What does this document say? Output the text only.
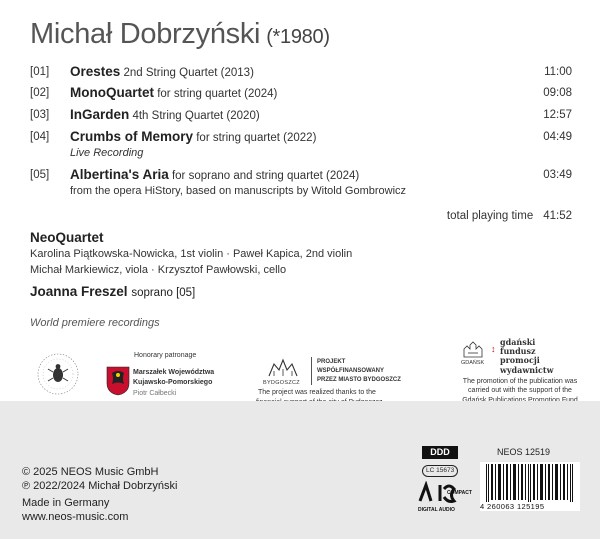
Michał Dobrzyński (*1980)
[01]	Orestes 2nd String Quartet (2013)	11:00
[02]	MonoQuartet for string quartet (2024)	09:08
[03]	InGarden 4th String Quartet (2020)	12:57
[04]	Crumbs of Memory for string quartet (2022)	04:49
Live Recording
[05]	Albertina's Aria for soprano and string quartet (2024)	03:49
from the opera HiStory, based on manuscripts by Witold Gombrowicz
total playing time 41:52
NeoQuartet
Karolina Piątkowska-Nowicka, 1st violin · Paweł Kapica, 2nd violin
Michał Markiewicz, viola · Krzysztof Pawłowski, cello
Joanna Freszel soprano [05]
World premiere recordings
Honorary patronage
Marszałek Województwa
Kujawsko-Pomorskiego
Piotr Całbecki
BYDGOSZCZ
PROJEKT
WSPÓŁFINANSOWANY
PRZEZ MIASTO BYDGOSZCZ
The project was realized thanks to the
GDAŃSK
↕
gdański
fundusz
promocji
wydawnictw
The promotion of the publication was
carried out with the support of the
© 2025 NEOS Music GmbH
℗ 2022/2024 Michał Dobrzyński
Made in Germany
www.neos-music.com
DDD
LC 15673
COMPACT
DIGITAL AUDIO
NEOS 12519
4 260063 125195
